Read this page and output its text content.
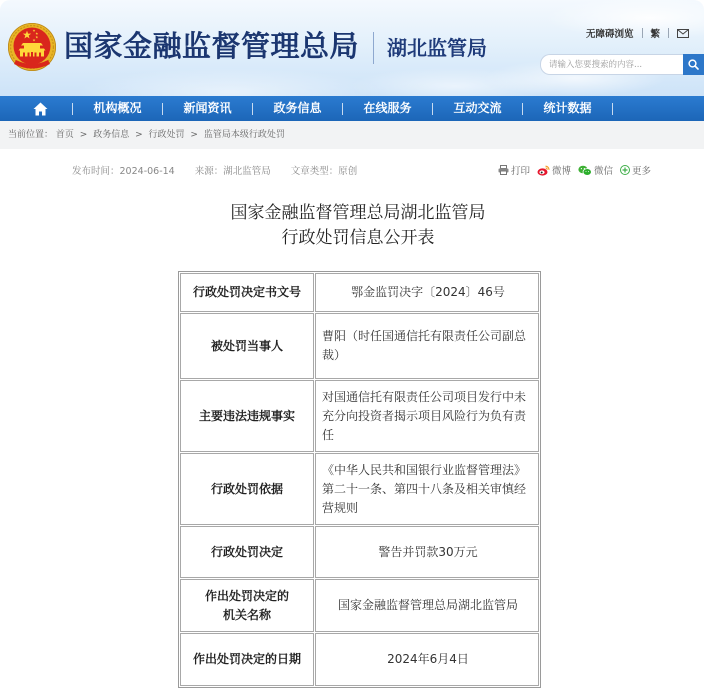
国家金融监督管理总局 湖北监管局
无障碍浏览 繁
请输入您要搜索的内容...
机构概况	新闻资讯	政务信息	在线服务	互动交流	统计数据
当前位置： 首页 > 政务信息 > 行政处罚 > 监管局本级行政处罚
发布时间：2024-06-14 来源：湖北监管局 文章类型：原创	打印 微博 微信 更多
国家金融监督管理总局湖北监管局
行政处罚信息公开表
行政处罚决定书文号	鄂金监罚决字〔2024〕46号
被处罚当事人	曹阳（时任国通信托有限责任公司副总裁）
主要违法违规事实	对国通信托有限责任公司项目发行中未充分向投资者揭示项目风险行为负有责任
行政处罚依据	《中华人民共和国银行业监督管理法》第二十一条、第四十八条及相关审慎经营规则
行政处罚决定	警告并罚款30万元
作出处罚决定的
机关名称	国家金融监督管理总局湖北监管局
作出处罚决定的日期	2024年6月4日
